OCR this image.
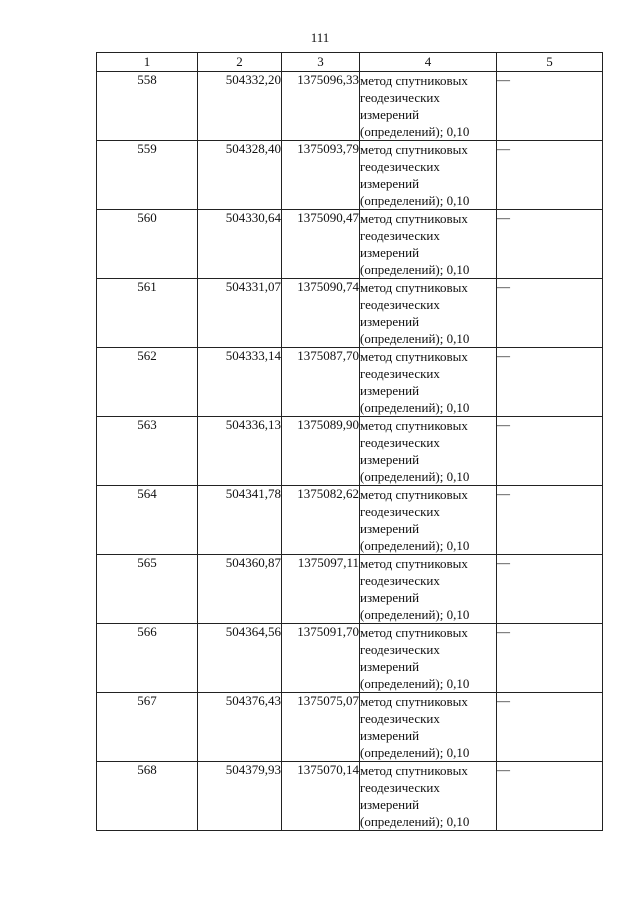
111
1	2	3	4	5
558	504332,20	1375096,33	метод спутниковых геодезических измерений (определений); 0,10	—
559	504328,40	1375093,79	метод спутниковых геодезических измерений (определений); 0,10	—
560	504330,64	1375090,47	метод спутниковых геодезических измерений (определений); 0,10	—
561	504331,07	1375090,74	метод спутниковых геодезических измерений (определений); 0,10	—
562	504333,14	1375087,70	метод спутниковых геодезических измерений (определений); 0,10	—
563	504336,13	1375089,90	метод спутниковых геодезических измерений (определений); 0,10	—
564	504341,78	1375082,62	метод спутниковых геодезических измерений (определений); 0,10	—
565	504360,87	1375097,11	метод спутниковых геодезических измерений (определений); 0,10	—
566	504364,56	1375091,70	метод спутниковых геодезических измерений (определений); 0,10	—
567	504376,43	1375075,07	метод спутниковых геодезических измерений (определений); 0,10	—
568	504379,93	1375070,14	метод спутниковых геодезических измерений (определений); 0,10	—
